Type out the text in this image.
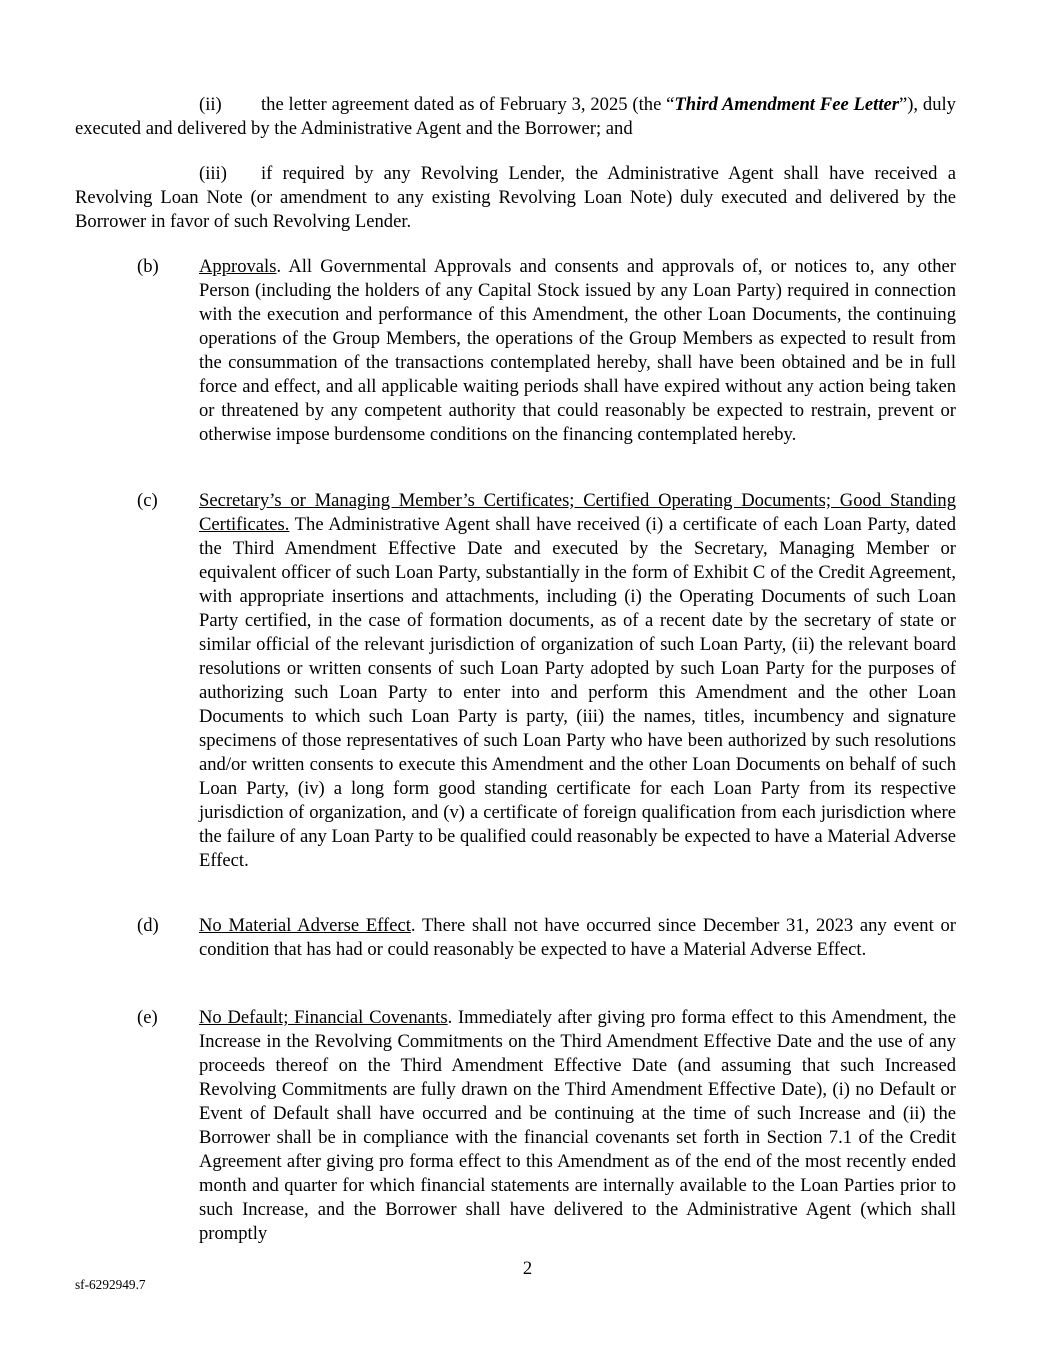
(ii) the letter agreement dated as of February 3, 2025 (the “Third Amendment Fee Letter”), duly executed and delivered by the Administrative Agent and the Borrower; and

(iii) if required by any Revolving Lender, the Administrative Agent shall have received a Revolving Loan Note (or amendment to any existing Revolving Loan Note) duly executed and delivered by the Borrower in favor of such Revolving Lender.

(b)	Approvals. All Governmental Approvals and consents and approvals of, or notices to, any other Person (including the holders of any Capital Stock issued by any Loan Party) required in connection with the execution and performance of this Amendment, the other Loan Documents, the continuing operations of the Group Members, the operations of the Group Members as expected to result from the consummation of the transactions contemplated hereby, shall have been obtained and be in full force and effect, and all applicable waiting periods shall have expired without any action being taken or threatened by any competent authority that could reasonably be expected to restrain, prevent or otherwise impose burdensome conditions on the financing contemplated hereby.
(c)	Secretary’s or Managing Member’s Certificates; Certified Operating Documents; Good Standing Certificates. The Administrative Agent shall have received (i) a certificate of each Loan Party, dated the Third Amendment Effective Date and executed by the Secretary, Managing Member or equivalent officer of such Loan Party, substantially in the form of Exhibit C of the Credit Agreement, with appropriate insertions and attachments, including (i) the Operating Documents of such Loan Party certified, in the case of formation documents, as of a recent date by the secretary of state or similar official of the relevant jurisdiction of organization of such Loan Party, (ii) the relevant board resolutions or written consents of such Loan Party adopted by such Loan Party for the purposes of authorizing such Loan Party to enter into and perform this Amendment and the other Loan Documents to which such Loan Party is party, (iii) the names, titles, incumbency and signature specimens of those representatives of such Loan Party who have been authorized by such resolutions and/or written consents to execute this Amendment and the other Loan Documents on behalf of such Loan Party, (iv) a long form good standing certificate for each Loan Party from its respective jurisdiction of organization, and (v) a certificate of foreign qualification from each jurisdiction where the failure of any Loan Party to be qualified could reasonably be expected to have a Material Adverse Effect.
(d)	No Material Adverse Effect. There shall not have occurred since December 31, 2023 any event or condition that has had or could reasonably be expected to have a Material Adverse Effect.
(e)	No Default; Financial Covenants. Immediately after giving pro forma effect to this Amendment, the Increase in the Revolving Commitments on the Third Amendment Effective Date and the use of any proceeds thereof on the Third Amendment Effective Date (and assuming that such Increased Revolving Commitments are fully drawn on the Third Amendment Effective Date), (i) no Default or Event of Default shall have occurred and be continuing at the time of such Increase and (ii) the Borrower shall be in compliance with the financial covenants set forth in Section 7.1 of the Credit Agreement after giving pro forma effect to this Amendment as of the end of the most recently ended month and quarter for which financial statements are internally available to the Loan Parties prior to such Increase, and the Borrower shall have delivered to the Administrative Agent (which shall promptly
2
sf-6292949.7
